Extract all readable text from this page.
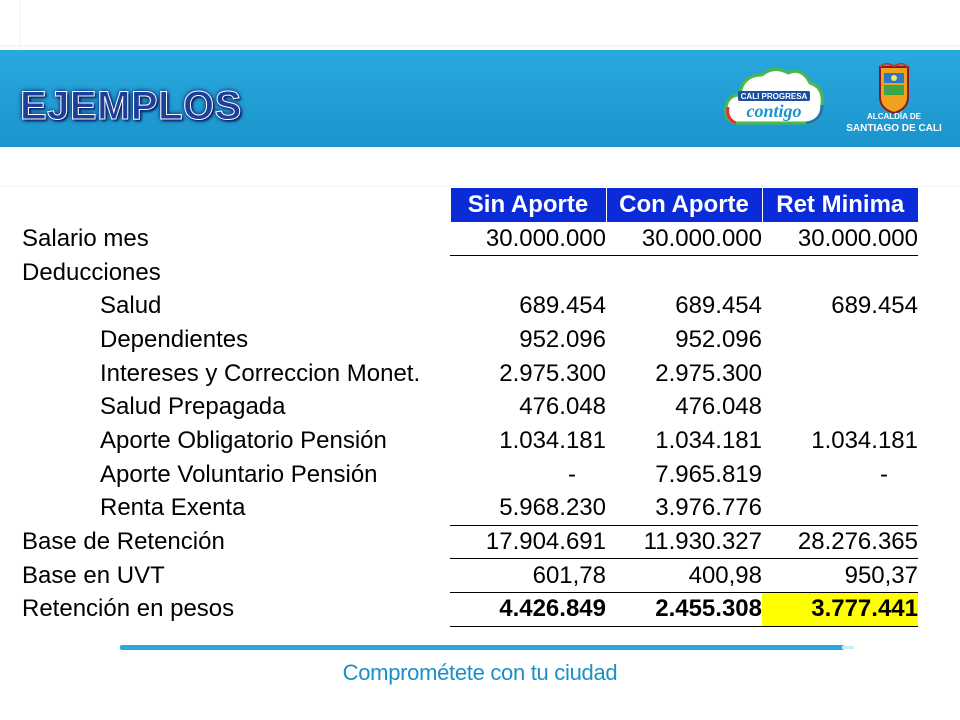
EJEMPLOS	CALI PROGRESA
contigo	ALCALDÍA DE
SANTIAGO DE CALI
	Sin Aporte	Con Aporte	Ret Minima
Salario mes	30.000.000	30.000.000	30.000.000
Deducciones			
Salud	689.454	689.454	689.454
Dependientes	952.096	952.096	
Intereses y Correccion Monet.	2.975.300	2.975.300	
Salud Prepagada	476.048	476.048	
Aporte Obligatorio Pensión	1.034.181	1.034.181	1.034.181
Aporte Voluntario Pensión	-	7.965.819	-
Renta Exenta	5.968.230	3.976.776	
Base de Retención	17.904.691	11.930.327	28.276.365
Base en UVT	601,78	400,98	950,37
Retención en pesos	4.426.849	2.455.308	3.777.441
Comprométete con tu ciudad
